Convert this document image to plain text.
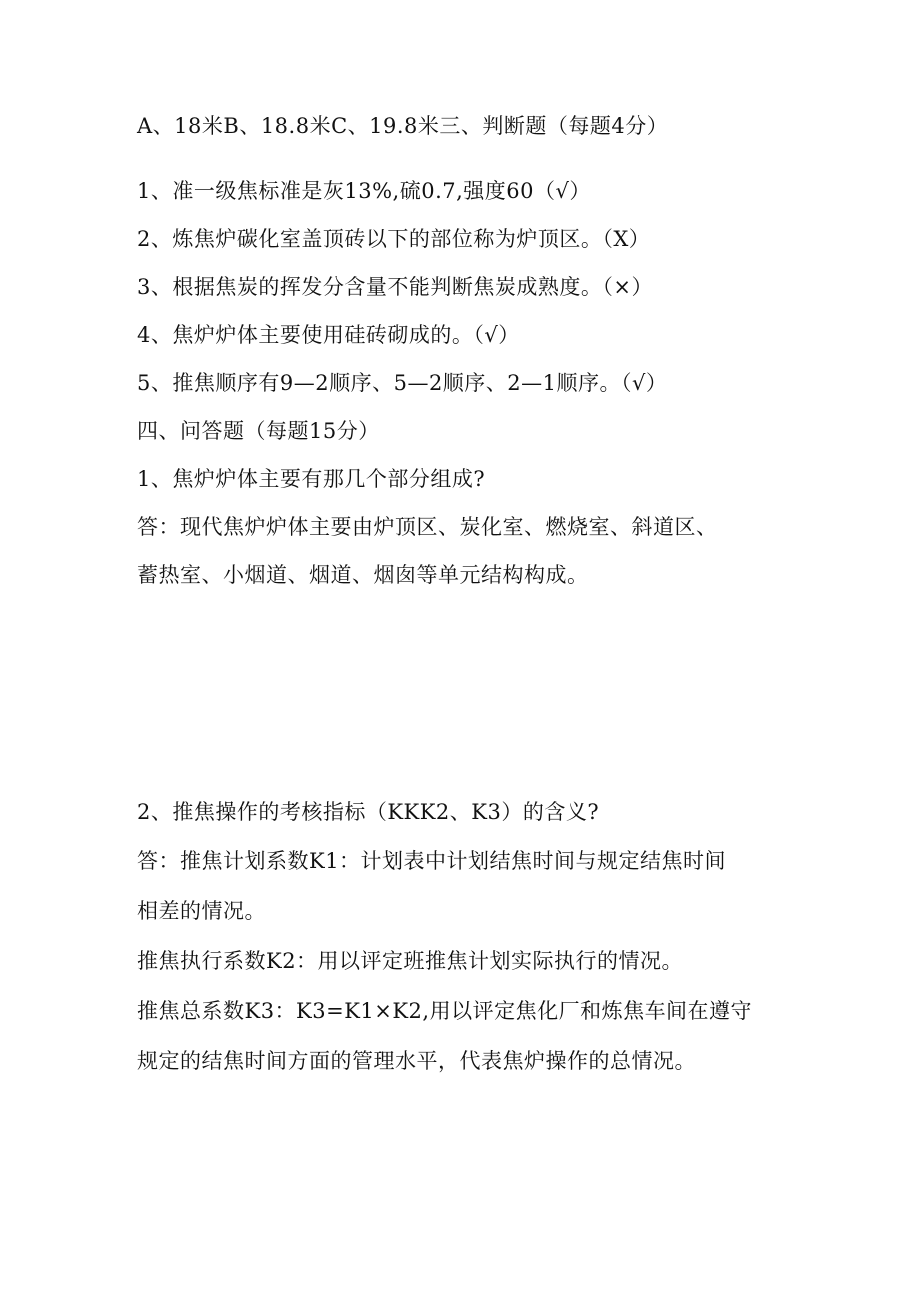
A、18米B、18.8米C、19.8米三、判断题（每题4分）
1、准一级焦标准是灰13%,硫0.7,强度60（√）
2、炼焦炉碳化室盖顶砖以下的部位称为炉顶区。（X）
3、根据焦炭的挥发分含量不能判断焦炭成熟度。（×）
4、焦炉炉体主要使用硅砖砌成的。（√）
5、推焦顺序有9—2顺序、5—2顺序、2—1顺序。（√）
四、问答题（每题15分）
1、焦炉炉体主要有那几个部分组成?
答：现代焦炉炉体主要由炉顶区、炭化室、燃烧室、斜道区、
蓄热室、小烟道、烟道、烟囱等单元结构构成。
2、推焦操作的考核指标（KKK2、K3）的含义?
答：推焦计划系数K1：计划表中计划结焦时间与规定结焦时间
相差的情况。
推焦执行系数K2：用以评定班推焦计划实际执行的情况。
推焦总系数K3：K3=K1×K2,用以评定焦化厂和炼焦车间在遵守
规定的结焦时间方面的管理水平，代表焦炉操作的总情况。
